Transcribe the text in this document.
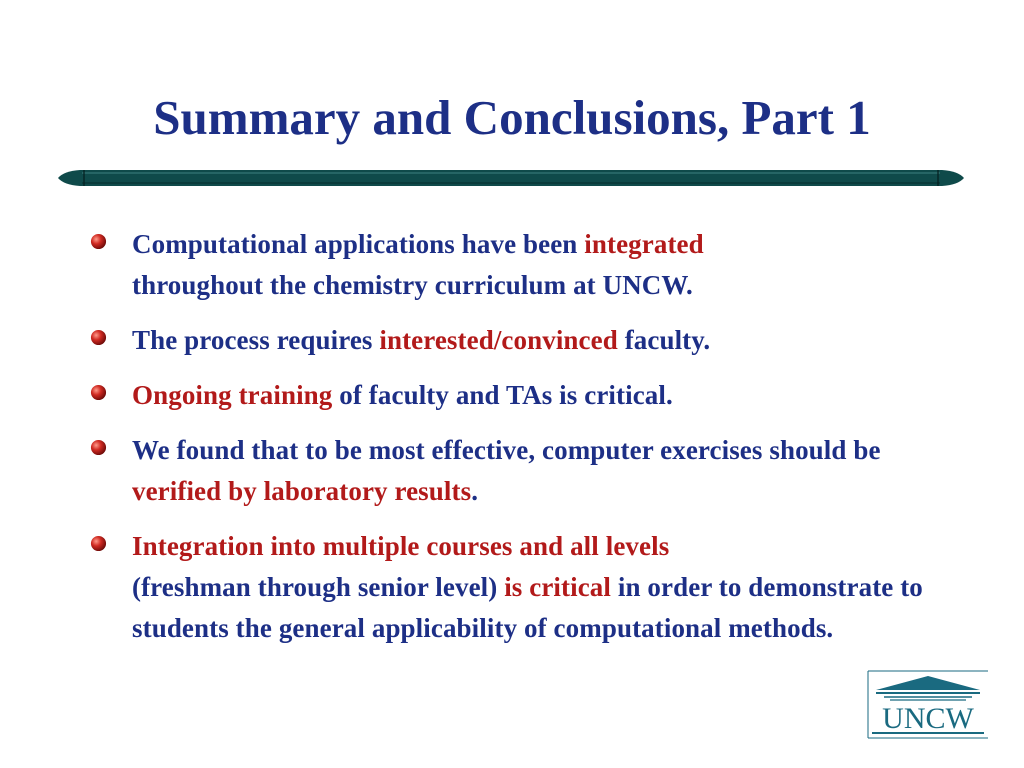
Summary and Conclusions, Part 1
Computational applications have been integrated
throughout the chemistry curriculum at UNCW.
The process requires interested/convinced faculty.
Ongoing training of faculty and TAs is critical.
We found that to be most effective, computer exercises should be verified by laboratory results.
Integration into multiple courses and all levels
(freshman through senior level) is critical in order to demonstrate to students the general applicability of computational methods.
UNCW
